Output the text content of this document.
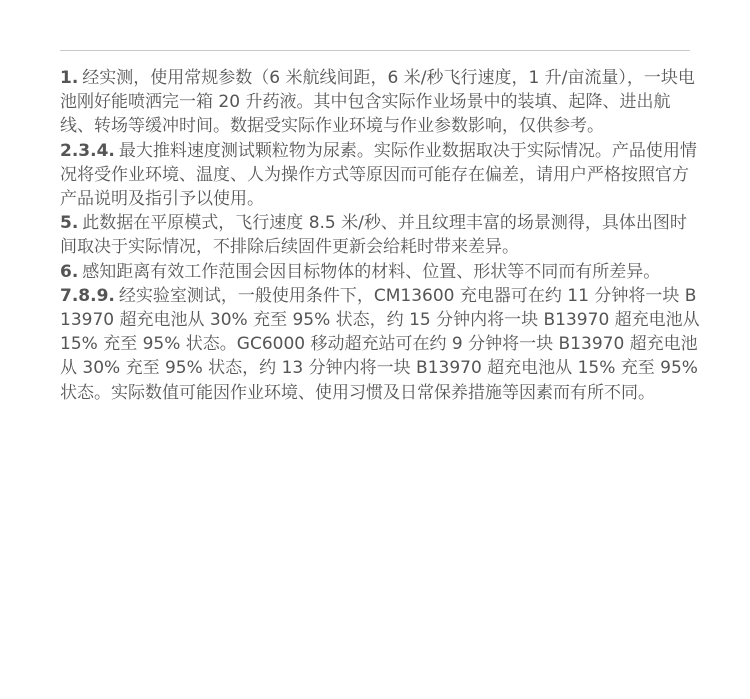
1. 经实测，使用常规参数（6 米航线间距，6 米/秒飞行速度，1 升/亩流量），一块电池刚好能喷洒完一箱 20 升药液。其中包含实际作业场景中的装填、起降、进出航线、转场等缓冲时间。数据受实际作业环境与作业参数影响，仅供参考。
2.3.4. 最大推料速度测试颗粒物为尿素。实际作业数据取决于实际情况。产品使用情况将受作业环境、温度、人为操作方式等原因而可能存在偏差，请用户严格按照官方产品说明及指引予以使用。
5. 此数据在平原模式，飞行速度 8.5 米/秒、并且纹理丰富的场景测得，具体出图时间取决于实际情况，不排除后续固件更新会给耗时带来差异。
6. 感知距离有效工作范围会因目标物体的材料、位置、形状等不同而有所差异。
7.8.9. 经实验室测试，一般使用条件下，CM13600 充电器可在约 11 分钟将一块 B13970 超充电池从 30% 充至 95% 状态，约 15 分钟内将一块 B13970 超充电池从 15% 充至 95% 状态。GC6000 移动超充站可在约 9 分钟将一块 B13970 超充电池从 30% 充至 95% 状态，约 13 分钟内将一块 B13970 超充电池从 15% 充至 95% 状态。实际数值可能因作业环境、使用习惯及日常保养措施等因素而有所不同。
